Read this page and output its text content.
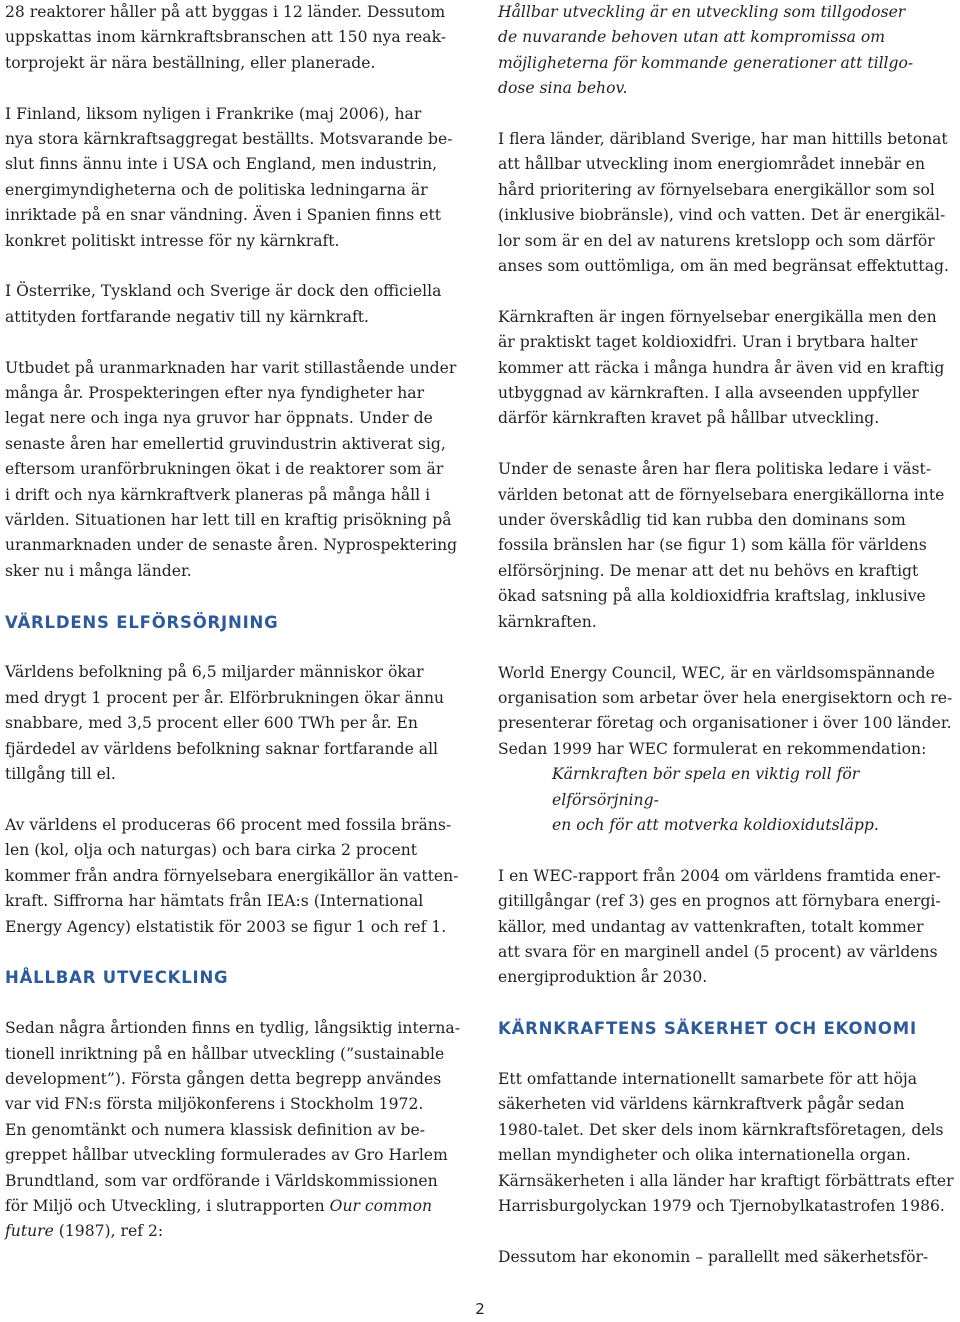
28 reaktorer håller på att byggas i 12 länder. Dessutom
uppskattas inom kärnkraftsbranschen att 150 nya reak-
torprojekt är nära beställning, eller planerade.

I Finland, liksom nyligen i Frankrike (maj 2006), har
nya stora kärnkraftsaggregat beställts. Motsvarande be-
slut finns ännu inte i USA och England, men industrin,
energimyndigheterna och de politiska ledningarna är
inriktade på en snar vändning. Även i Spanien finns ett
konkret politiskt intresse för ny kärnkraft.

I Österrike, Tyskland och Sverige är dock den officiella
attityden fortfarande negativ till ny kärnkraft.

Utbudet på uranmarknaden har varit stillastående under
många år. Prospekteringen efter nya fyndigheter har
legat nere och inga nya gruvor har öppnats. Under de
senaste åren har emellertid gruvindustrin aktiverat sig,
eftersom uranförbrukningen ökat i de reaktorer som är
i drift och nya kärnkraftverk planeras på många håll i
världen. Situationen har lett till en kraftig prisökning på
uranmarknaden under de senaste åren. Nyprospektering
sker nu i många länder.

VÄRLDENS ELFÖRSÖRJNING

Världens befolkning på 6,5 miljarder människor ökar
med drygt 1 procent per år. Elförbrukningen ökar ännu
snabbare, med 3,5 procent eller 600 TWh per år. En
fjärdedel av världens befolkning saknar fortfarande all
tillgång till el.

Av världens el produceras 66 procent med fossila bräns-
len (kol, olja och naturgas) och bara cirka 2 procent
kommer från andra förnyelsebara energikällor än vatten-
kraft. Siffrorna har hämtats från IEA:s (International
Energy Agency) elstatistik för 2003 se figur 1 och ref 1.

HÅLLBAR UTVECKLING

Sedan några årtionden finns en tydlig, långsiktig interna-
tionell inriktning på en hållbar utveckling (”sustainable
development”). Första gången detta begrepp användes
var vid FN:s första miljökonferens i Stockholm 1972.
En genomtänkt och numera klassisk definition av be-
greppet hållbar utveckling formulerades av Gro Harlem
Brundtland, som var ordförande i Världskommissionen
för Miljö och Utveckling, i slutrapporten Our common
future (1987), ref 2:

Hållbar utveckling är en utveckling som tillgodoser
de nuvarande behoven utan att kompromissa om
möjligheterna för kommande generationer att tillgo-
dose sina behov.

I flera länder, däribland Sverige, har man hittills betonat
att hållbar utveckling inom energiområdet innebär en
hård prioritering av förnyelsebara energikällor som sol
(inklusive biobränsle), vind och vatten. Det är energikäl-
lor som är en del av naturens kretslopp och som därför
anses som outtömliga, om än med begränsat effektuttag.

Kärnkraften är ingen förnyelsebar energikälla men den
är praktiskt taget koldioxidfri. Uran i brytbara halter
kommer att räcka i många hundra år även vid en kraftig
utbyggnad av kärnkraften. I alla avseenden uppfyller
därför kärnkraften kravet på hållbar utveckling.

Under de senaste åren har flera politiska ledare i väst-
världen betonat att de förnyelsebara energikällorna inte
under överskådlig tid kan rubba den dominans som
fossila bränslen har (se figur 1) som källa för världens
elförsörjning. De menar att det nu behövs en kraftigt
ökad satsning på alla koldioxidfria kraftslag, inklusive
kärnkraften.

World Energy Council, WEC, är en världsomspännande
organisation som arbetar över hela energisektorn och re-
presenterar företag och organisationer i över 100 länder.
Sedan 1999 har WEC formulerat en rekommendation:

Kärnkraften bör spela en viktig roll för elförsörjning-
en och för att motverka koldioxidutsläpp.

I en WEC-rapport från 2004 om världens framtida ener-
gitillgångar (ref 3) ges en prognos att förnybara energi-
källor, med undantag av vattenkraften, totalt kommer
att svara för en marginell andel (5 procent) av världens
energiproduktion år 2030.

KÄRNKRAFTENS SÄKERHET OCH EKONOMI

Ett omfattande internationellt samarbete för att höja
säkerheten vid världens kärnkraftverk pågår sedan
1980-talet. Det sker dels inom kärnkraftsföretagen, dels
mellan myndigheter och olika internationella organ.
Kärnsäkerheten i alla länder har kraftigt förbättrats efter
Harrisburgolyckan 1979 och Tjernobylkatastrofen 1986.

Dessutom har ekonomin – parallellt med säkerhetsför-

2
